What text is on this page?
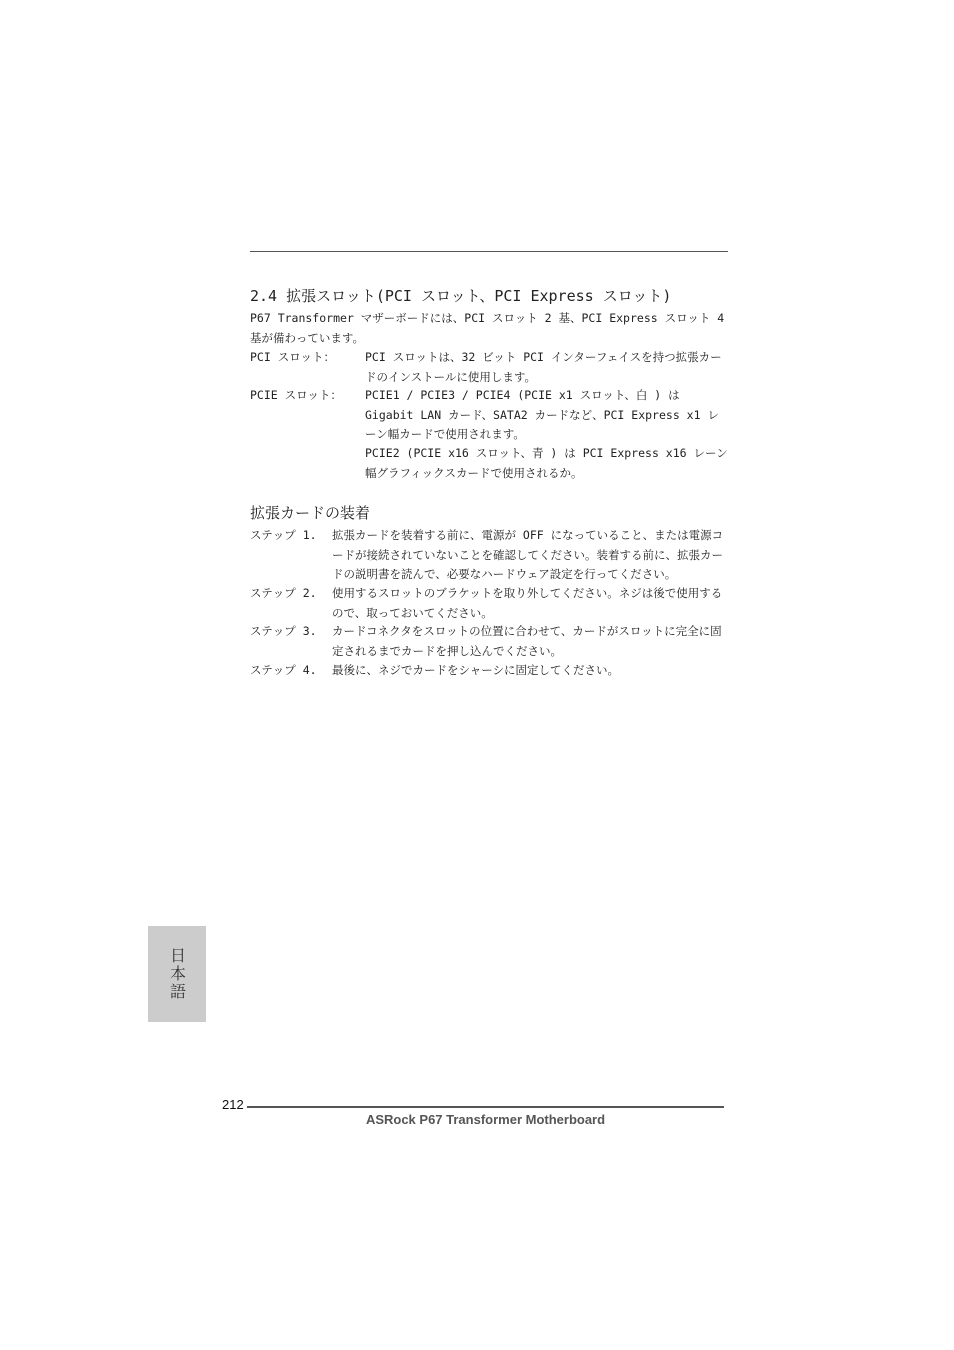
2.4 拡張スロット(PCI スロット、PCI Express スロット)
P67 Transformer マザーボードには、PCI スロット 2 基、PCI Express スロット 4 基が備わっています。
PCI スロット：	PCI スロットは、32 ビット PCI インターフェイスを持つ拡張カードのインストールに使用します。
PCIE スロット： PCIE1 / PCIE3 / PCIE4 (PCIE x1 スロット、白 ) は Gigabit LAN カード、SATA2 カードなど、PCI Express x1 レーン幅カードで使用されます。
PCIE2 (PCIE x16 スロット、青 ) は PCI Express x16 レーン幅グラフィックスカードで使用されるか。
拡張カードの装着
ステップ 1. 拡張カードを装着する前に、電源が OFF になっていること、または電源コードが接続されていないことを確認してください。装着する前に、拡張カードの説明書を読んで、必要なハードウェア設定を行ってください。
ステップ 2. 使用するスロットのブラケットを取り外してください。ネジは後で使用するので、取っておいてください。
ステップ 3. カードコネクタをスロットの位置に合わせて、カードがスロットに完全に固定されるまでカードを押し込んでください。
ステップ 4. 最後に、ネジでカードをシャーシに固定してください。
日本語
212
ASRock P67 Transformer Motherboard
